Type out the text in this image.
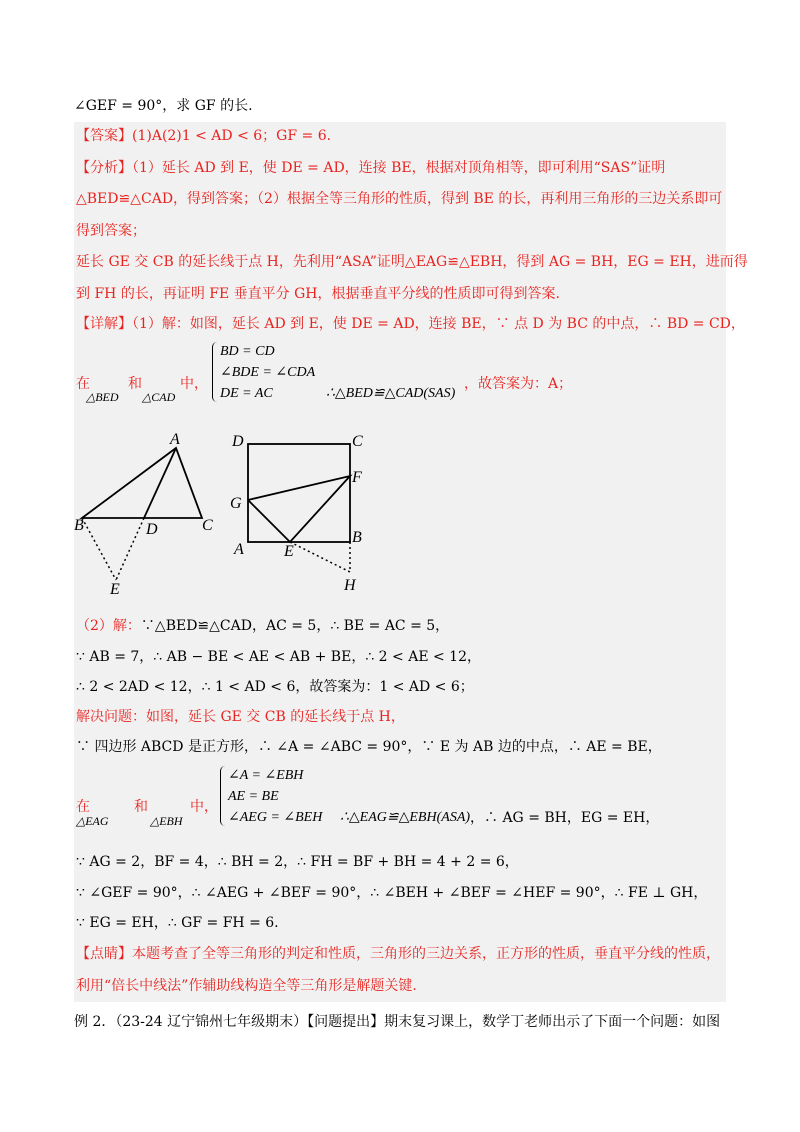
∠GEF = 90°，求 GF 的长.
【答案】(1)A(2)1 < AD < 6；GF = 6.
【分析】（1）延长 AD 到 E，使 DE = AD，连接 BE，根据对顶角相等，即可利用“SAS”证明
△BED≌△CAD，得到答案；（2）根据全等三角形的性质，得到 BE 的长，再利用三角形的三边关系即可
得到答案；
延长 GE 交 CB 的延长线于点 H，先利用“ASA”证明△EAG≌△EBH，得到 AG = BH，EG = EH，进而得
到 FH 的长，再证明 FE 垂直平分 GH，根据垂直平分线的性质即可得到答案.
【详解】（1）解：如图，延长 AD 到 E，使 DE = AD，连接 BE，∵ 点 D 为 BC 的中点，∴ BD = CD，
在	和	中，
△BED △CAD
BD = CD
∠BDE = ∠CDA
DE = AC	∴△BED≌△CAD(SAS)
，故答案为：A；
A
B	C
D
E
D	C
F
G
A
B
E
H
（2）解：∵△BED≌△CAD，AC = 5，∴ BE = AC = 5，
∵ AB = 7，∴ AB − BE < AE < AB + BE，∴ 2 < AE < 12，
∴ 2 < 2AD < 12，∴ 1 < AD < 6，故答案为：1 < AD < 6；
解决问题：如图，延长 GE 交 CB 的延长线于点 H，
∵ 四边形 ABCD 是正方形，∴ ∠A = ∠ABC = 90°，∵ E 为 AB 边的中点，∴ AE = BE，
在	和	中，
△EAG	△EBH
∠A = ∠EBH
AE = BE
∠AEG = ∠BEH ∴△EAG≌△EBH(ASA) ，∴ AG = BH，EG = EH，
∵ AG = 2，BF = 4，∴ BH = 2，∴ FH = BF + BH = 4 + 2 = 6，
∵ ∠GEF = 90°，∴ ∠AEG + ∠BEF = 90°，∴ ∠BEH + ∠BEF = ∠HEF = 90°，∴ FE ⊥ GH，
∵ EG = EH，∴ GF = FH = 6.
【点睛】本题考查了全等三角形的判定和性质，三角形的三边关系，正方形的性质，垂直平分线的性质，
利用“倍长中线法”作辅助线构造全等三角形是解题关键.
例 2．（23-24 辽宁锦州七年级期末）【问题提出】期末复习课上，数学丁老师出示了下面一个问题：如图
